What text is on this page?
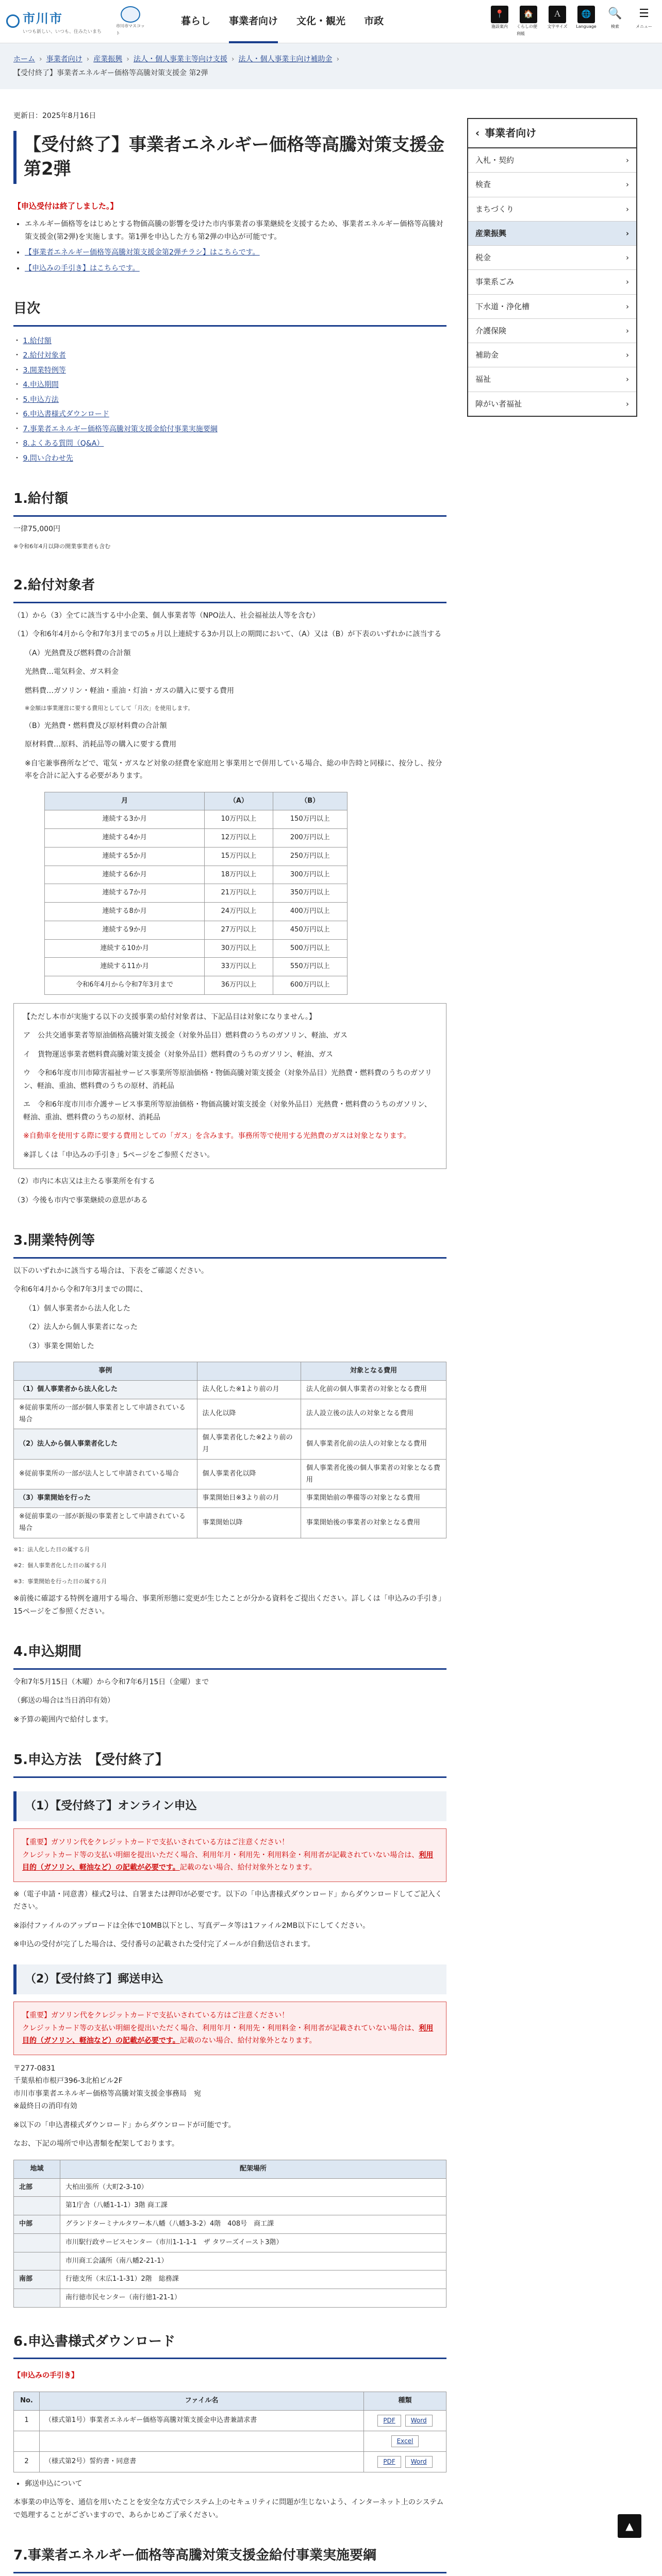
市川市
いつも新しい、いつも、住みたいまち
市川市マスコット
暮らし 事業者向け 文化・観光 市政
📍
施設案内
🏠
くらしの便利帳
Ａ
文字サイズ
🌐
Language
🔍
検索
☰
メニュー
ホーム › 事業者向け › 産業振興 › 法人・個人事業主等向け支援 › 法人・個人事業主向け補助金 ›
【受付終了】事業者エネルギー価格等高騰対策支援金 第2弾
更新日：2025年8月16日
【受付終了】事業者エネルギー価格等高騰対策支援金 第2弾
【申込受付は終了しました。】
• エネルギー価格等をはじめとする物価高騰の影響を受けた市内事業者の事業継続を支援するため、事業者エネルギー価格等高騰対策支援金(第2弾)を実施します。第1弾を申込した方も第2弾の申込が可能です。
• 【事業者エネルギー価格等高騰対策支援金第2弾チラシ】はこちらです。
• 【申込みの手引き】はこちらです。
目次
・ 1.給付額
・ 2.給付対象者
・ 3.開業特例等
・ 4.申込期間
・ 5.申込方法
・ 6.申込書様式ダウンロード
・ 7.事業者エネルギー価格等高騰対策支援金給付事業実施要綱
・ 8.よくある質問（Q&A）
・ 9.問い合わせ先
1.給付額

一律75,000円

※令和6年4月以降の開業事業者も含む

2.給付対象者

（1）から（3）全てに該当する中小企業、個人事業者等（NPO法人、社会福祉法人等を含む）

（1）令和6年4月から令和7年3月までの5ヵ月以上連続する3か月以上の期間において、（A）又は（B）が下表のいずれかに該当する

（A）光熱費及び燃料費の合計額

光熱費…電気料金、ガス料金

燃料費…ガソリン・軽油・重油・灯油・ガスの購入に要する費用

※金額は事業運営に要する費用としてして「月次」を使用します。

（B）光熱費・燃料費及び原材料費の合計額

原材料費…原料、消耗品等の購入に要する費用

※自宅兼事務所などで、電気・ガスなど対象の経費を家庭用と事業用とで併用している場合、総の申告時と同様に、按分し、按分率を合計に記入する必要があります。

月	（A）	（B）
連続する3か月	10万円以上	150万円以上
連続する4か月	12万円以上	200万円以上
連続する5か月	15万円以上	250万円以上
連続する6か月	18万円以上	300万円以上
連続する7か月	21万円以上	350万円以上
連続する8か月	24万円以上	400万円以上
連続する9か月	27万円以上	450万円以上
連続する10か月	30万円以上	500万円以上
連続する11か月	33万円以上	550万円以上
令和6年4月から令和7年3月まで	36万円以上	600万円以上
【ただし本市が実施する以下の支援事業の給付対象者は、下記品目は対象になりません。】

ア　公共交通事業者等原油価格高騰対策支援金（対象外品目）燃料費のうちのガソリン、軽油、ガス

イ　貨物運送事業者燃料費高騰対策支援金（対象外品目）燃料費のうちのガソリン、軽油、ガス

ウ　令和6年度市川市障害福祉サービス事業所等原油価格・物価高騰対策支援金（対象外品目）光熱費・燃料費のうちのガソリン、軽油、重油、燃料費のうちの原材、消耗品

エ　令和6年度市川市介護サービス事業所等原油価格・物価高騰対策支援金（対象外品目）光熱費・燃料費のうちのガソリン、軽油、重油、燃料費のうちの原材、消耗品

※自動車を使用する際に要する費用としての「ガス」を含みます。事務所等で使用する光熱費のガスは対象となります。

※詳しくは「申込みの手引き」5ページをご参照ください。

（2）市内に本店又は主たる事業所を有する

（3）今後も市内で事業継続の意思がある

3.開業特例等

以下のいずれかに該当する場合は、下表をご確認ください。

令和6年4月から令和7年3月までの間に、

（1）個人事業者から法人化した

（2）法人から個人事業者になった

（3）事業を開始した

事例		対象となる費用
（1）個人事業者から法人化した	法人化した※1より前の月	法人化前の個人事業者の対象となる費用
※従前事業所の一部が個人事業者として申請されている場合	法人化以降	法人設立後の法人の対象となる費用
（2）法人から個人事業者化した	個人事業者化した※2より前の月	個人事業者化前の法人の対象となる費用
※従前事業所の一部が法人として申請されている場合	個人事業者化以降	個人事業者化後の個人事業者の対象となる費用
（3）事業開始を行った	事業開始日※3より前の月	事業開始前の準備等の対象となる費用
※従前事業の一部が新規の事業者として申請されている場合	事業開始以降	事業開始後の事業者の対象となる費用

※1：法人化した日の属する月

※2：個人事業者化した日の属する月

※3：事業開始を行った日の属する月

※前後に確認する特例を適用する場合、事業所形態に変更が生じたことが分かる資料をご提出ください。詳しくは「申込みの手引き」15ページをご参照ください。

4.申込期間

令和7年5月15日（木曜）から令和7年6月15日（金曜）まで

（郵送の場合は当日消印有効）

※予算の範囲内で給付します。

5.申込方法　【受付終了】
（1）【受付終了】オンライン申込
【重要】ガソリン代をクレジットカードで支払いされている方はご注意ください！
クレジットカード等の支払い明細を提出いただく場合、利用年月・利用先・利用料金・利用者が記載されていない場合は、利用目的（ガソリン、軽油など）の記載が必要です。記載のない場合、給付対象外となります。

※（電子申請・同意書）様式2号は、自署または押印が必要です。以下の「申込書様式ダウンロード」からダウンロードしてご記入ください。

※添付ファイルのアップロードは全体で10MB以下とし、写真データ等は1ファイル2MB以下にしてください。

※申込の受付が完了した場合は、受付番号の記載された受付完了メールが自動送信されます。

（2）【受付終了】郵送申込
【重要】ガソリン代をクレジットカードで支払いされている方はご注意ください！
クレジットカード等の支払い明細を提出いただく場合、利用年月・利用先・利用料金・利用者が記載されていない場合は、利用目的（ガソリン、軽油など）の記載が必要です。記載のない場合、給付対象外となります。
〒277-0831
千葉県柏市根戸396-3北柏ビル2F
市川市事業者エネルギー価格等高騰対策支援金事務局　宛
※最終日の消印有効

※以下の「申込書様式ダウンロード」からダウンロードが可能です。

なお、下記の場所で申込書類を配架しております。

地域	配架場所
北部	大柏出張所（大町2-3-10）
	第1庁舎（八幡1-1-1）3階 商工課
中部	グランドターミナルタワー本八幡（八幡3-3-2）4階　408号　商工課
	市川駅行政サービスセンター（市川1-1-1-1　ザ タワーズイースト3階）
	市川商工会議所（南八幡2-21-1）
南部	行徳支所（末広1-1-31）2階　総務課
	南行徳市民センター（南行徳1-21-1）
6.申込書様式ダウンロード

【申込みの手引き】

No.	ファイル名	種類
1	（様式第1号）事業者エネルギー価格等高騰対策支援金申込書兼請求書	PDF Word
		Excel
2	（様式第2号）誓約書・同意書	PDF Word
• 郵送申込について

本事業の申込等を、通信を用いたことを安全な方式でシステム上のセキュリティに問題が生じないよう、インターネット上のシステムで処理することがございますので、あらかじめご了承ください。

7.事業者エネルギー価格等高騰対策支援金給付事業実施要綱

‹ 事業者向け
入札・契約	›
検査	›
まちづくり	›
産業振興	›
税金	›
事業系ごみ	›
下水道・浄化槽	›
介護保険	›
補助金	›
福祉	›
障がい者福祉	›
▲
